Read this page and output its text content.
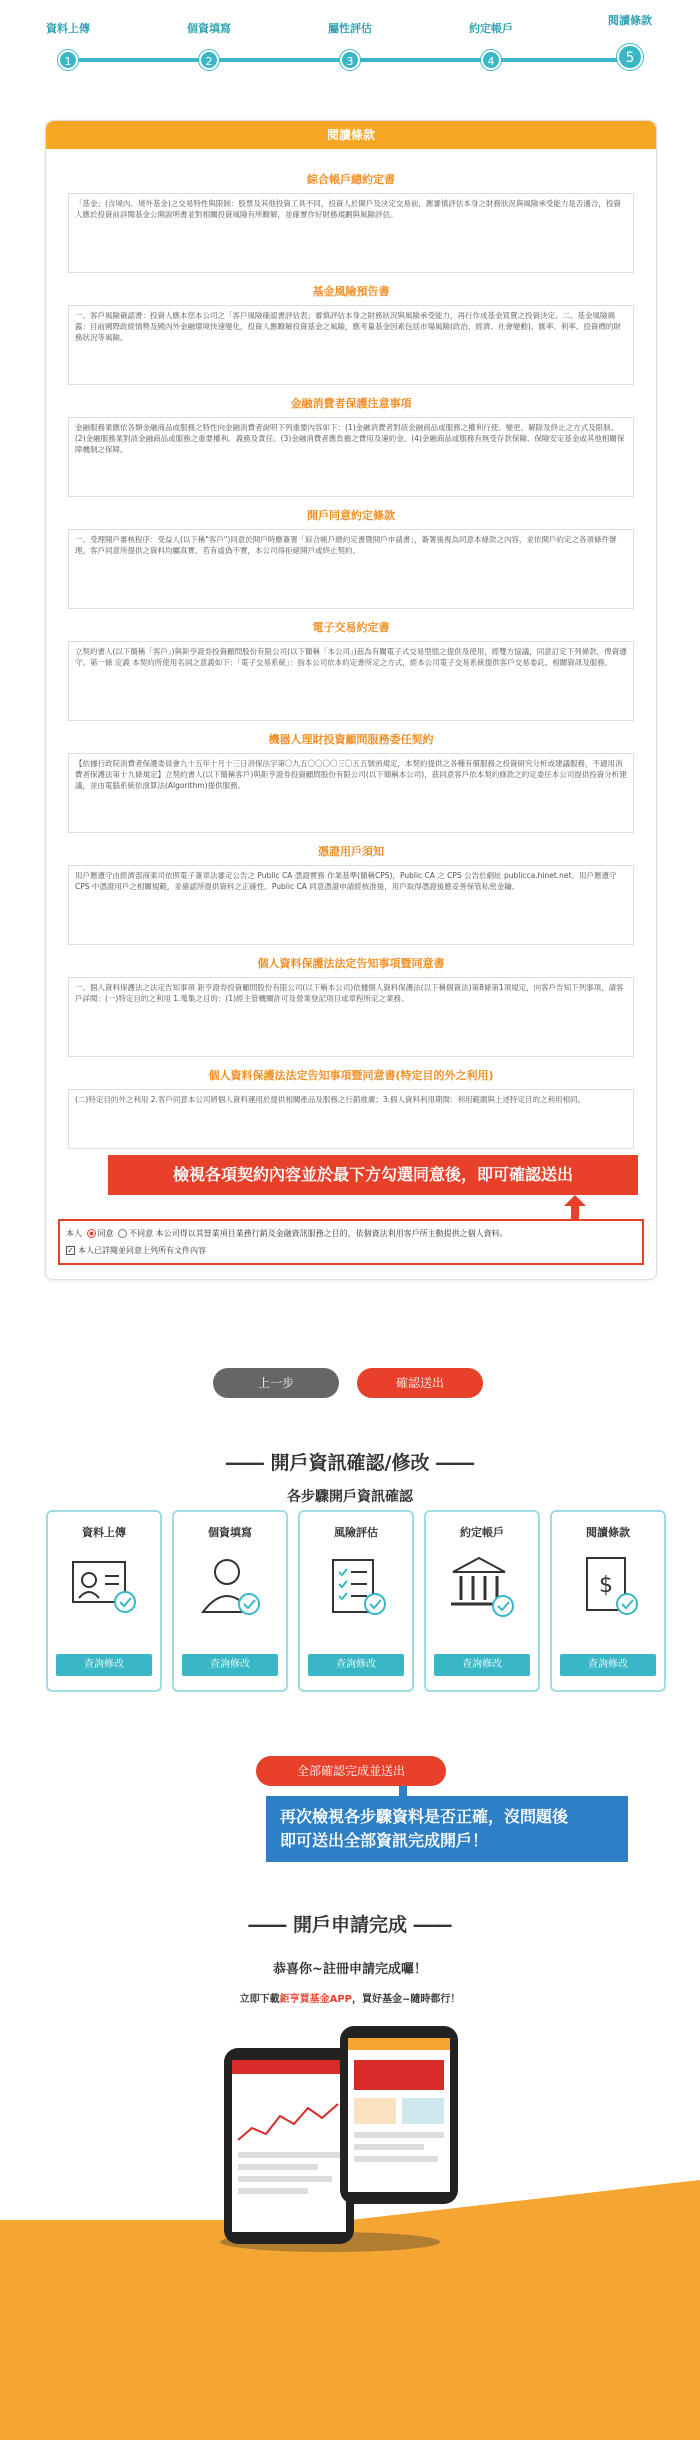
資料上傳
1
個資填寫
2
屬性評估
3
約定帳戶
4
閱讀條款
5
閱讀條款
綜合帳戶總約定書
「基金」(含境內、境外基金)之交易特性與限制：股票及其他投資工具不同，投資人於開戶及決定交易前，應審慎評估本身之財務狀況與風險承受能力是否適合，投資人應於投資前詳閱基金公開說明書並對相關投資風險有所瞭解，並確實作好財務規劃與風險評估。
基金風險預告書
一、客戶風險確認書：投資人應本您本公司之「客戶風險確認書評估表」審慎評估本身之財務狀況與風險承受能力，再行作成基金買賣之投資決定。二、基金風險揭露：目前國際政經情勢及國內外金融環境快速變化，投資人應瞭解投資基金之風險，應考量基金因素包括市場風險(政治、經濟、社會變動)、匯率、利率、投資標的財務狀況等風險。
金融消費者保護注意事項
金融服務業應依各類金融商品或服務之特性向金融消費者說明下列重要內容如下：(1)金融消費者對該金融商品或服務之權利行使、變更、解除及終止之方式及限制。(2)金融服務業對該金融商品或服務之重要權利、義務及責任。(3)金融消費者應負擔之費用及違約金。(4)金融商品或服務有無受存款保險、保險安定基金或其他相關保障機制之保障。
開戶同意約定條款
一、受理開戶審核程序：受益人(以下稱"客戶")同意於開戶時應簽署「綜合帳戶總約定書暨開戶申請書」，簽署後視為同意本條款之內容，並依開戶約定之各項條件辦理。客戶同意所提供之資料均屬真實，若有虛偽不實，本公司得拒絕開戶或終止契約。
電子交易約定書
立契約書人(以下簡稱「客戶」)與鉅亨證券投資顧問股份有限公司(以下簡稱「本公司」)茲為有關電子式交易型態之提供及使用，經雙方協議，同意訂定下列條款，俾資遵守。第一條 定義 本契約所使用名詞之意義如下：「電子交易系統」：指本公司依本約定書所定之方式，經本公司電子交易系統提供客戶交易委託、相關資訊及服務。
機器人理財投資顧問服務委任契約
【依據行政院消費者保護委員會九十五年十月十三日消保法字第〇九五〇〇〇〇三〇五五號函規定，本契約提供之各種有償服務之投資研究分析或建議服務，不適用消費者保護法第十九條規定】立契約書人(以下簡稱客戶)與鉅亨證券投資顧問股份有限公司(以下簡稱本公司)，茲同意客戶依本契約條款之約定委任本公司提供投資分析建議，並由電腦系統依演算法(Algorithm)提供服務。
憑證用戶須知
用戶應遵守由經濟部商業司依照電子簽章法審定公告之 Public CA 憑證實務 作業基準(簡稱CPS)，Public CA 之 CPS 公告於網址 publicca.hinet.net。用戶應遵守 CPS 中憑證用戶之相關規範，並確認所提供資料之正確性。Public CA 同意憑證申請經核准後，用戶取得憑證後應妥善保管私密金鑰。
個人資料保護法法定告知事項暨同意書
一、個人資料保護法之法定告知事項 鉅亨證券投資顧問股份有限公司(以下稱本公司)依據個人資料保護法(以下稱個資法)第8條第1項規定，向客戶告知下列事項，請客戶詳閱：(一)特定目的之利用 1.蒐集之目的：(1)經主管機關許可及營業登記項目或章程所定之業務。
個人資料保護法法定告知事項暨同意書(特定目的外之利用)
(二)特定目的外之利用 2.客戶同意本公司將個人資料運用於提供相關產品及服務之行銷推廣；3.個人資料利用期間：利用範圍與上述特定目的之利用相同。
檢視各項契約內容並於最下方勾選同意後，即可確認送出
本人 同意 不同意 本公司得以其營業項目業務行銷及金融資訊服務之目的，依個資法利用客戶所主動提供之個人資料。
✓ 本人已詳閱並同意上列所有文件內容
上一步	確認送出
―― 開戶資訊確認/修改 ――
各步驟開戶資訊確認
資料上傳
查詢修改
個資填寫
查詢修改
風險評估
查詢修改
約定帳戶
查詢修改
閱讀條款
$
查詢修改
全部確認完成並送出
再次檢視各步驟資料是否正確，沒問題後
即可送出全部資訊完成開戶！
―― 開戶申請完成 ――
恭喜你~註冊申請完成囉！
立即下載鉅亨買基金APP，買好基金~隨時都行！
